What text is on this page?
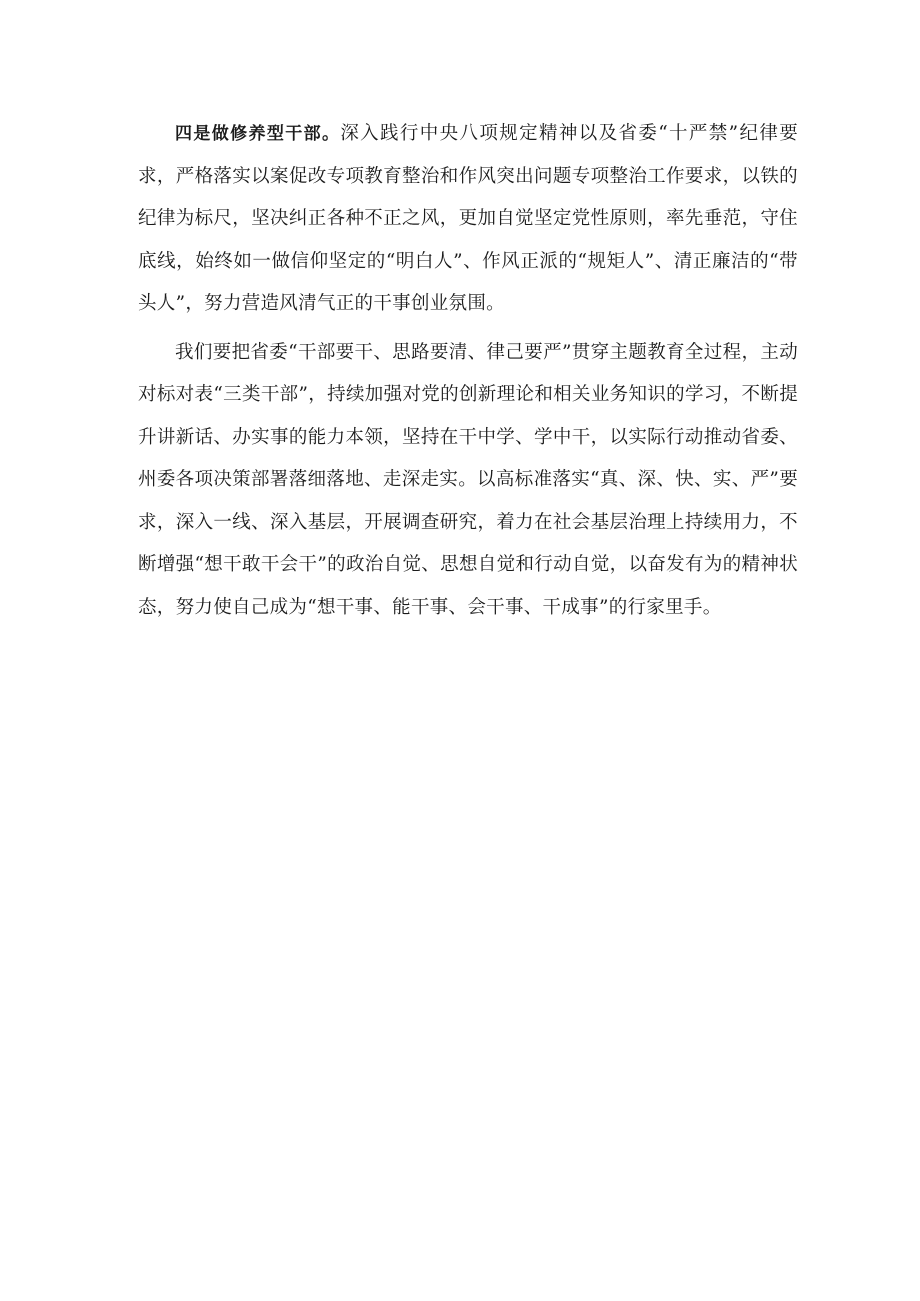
四是做修养型干部。深入践行中央八项规定精神以及省委“十严禁”纪律要求，严格落实以案促改专项教育整治和作风突出问题专项整治工作要求，以铁的纪律为标尺，坚决纠正各种不正之风，更加自觉坚定党性原则，率先垂范，守住底线，始终如一做信仰坚定的“明白人”、作风正派的“规矩人”、清正廉洁的“带头人”，努力营造风清气正的干事创业氛围。

我们要把省委“干部要干、思路要清、律己要严”贯穿主题教育全过程，主动对标对表“三类干部”，持续加强对党的创新理论和相关业务知识的学习，不断提升讲新话、办实事的能力本领，坚持在干中学、学中干，以实际行动推动省委、州委各项决策部署落细落地、走深走实。以高标准落实“真、深、快、实、严”要求，深入一线、深入基层，开展调查研究，着力在社会基层治理上持续用力，不断增强“想干敢干会干”的政治自觉、思想自觉和行动自觉，以奋发有为的精神状态，努力使自己成为“想干事、能干事、会干事、干成事”的行家里手。
